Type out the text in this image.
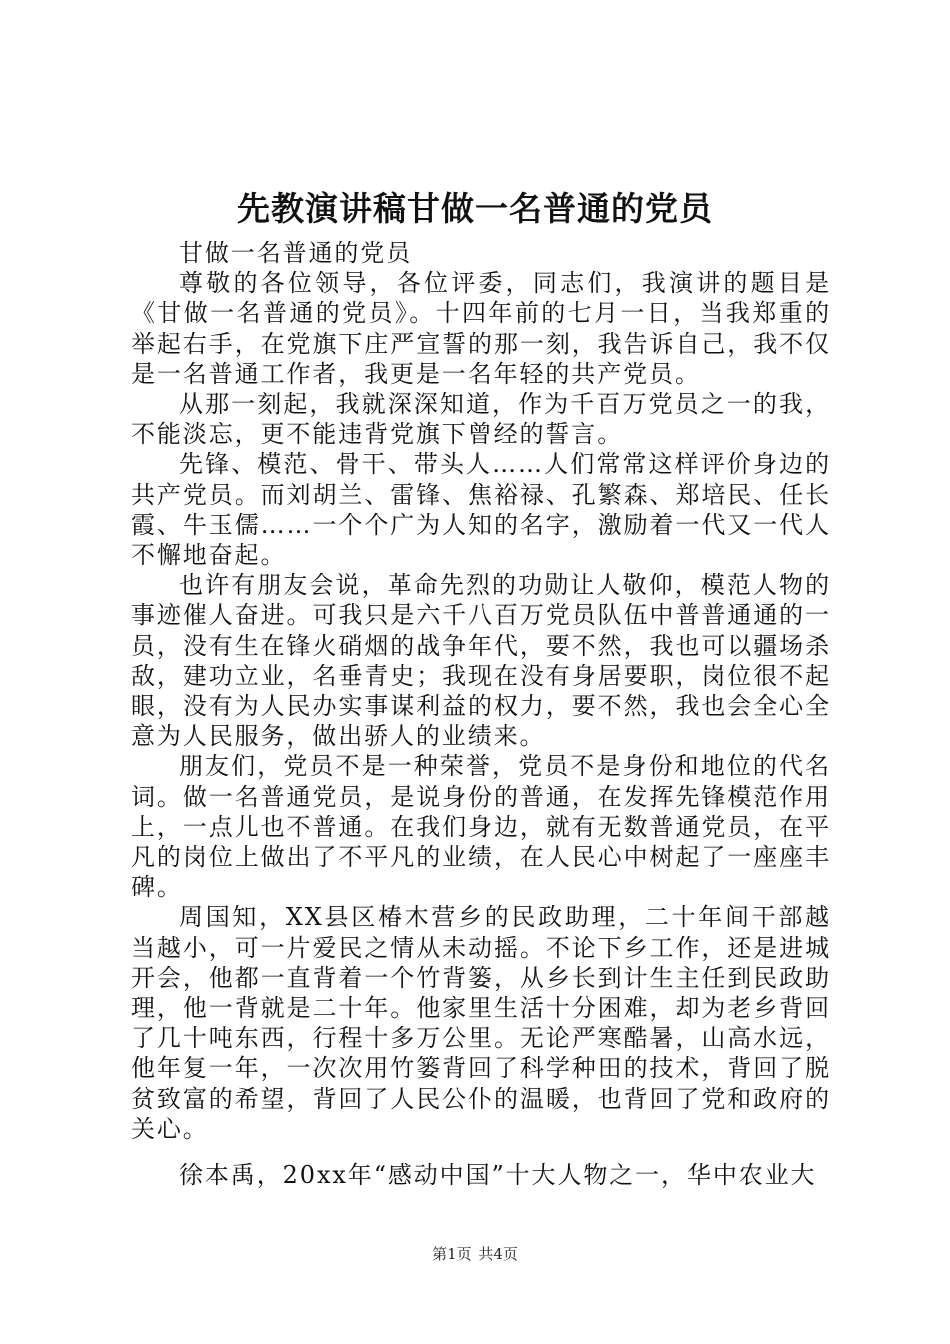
先教演讲稿甘做一名普通的党员

甘做一名普通的党员

尊敬的各位领导，各位评委，同志们，我演讲的题目是《甘做一名普通的党员》。十四年前的七月一日，当我郑重的举起右手，在党旗下庄严宣誓的那一刻，我告诉自己，我不仅是一名普通工作者，我更是一名年轻的共产党员。

从那一刻起，我就深深知道，作为千百万党员之一的我，不能淡忘，更不能违背党旗下曾经的誓言。

先锋、模范、骨干、带头人……人们常常这样评价身边的共产党员。而刘胡兰、雷锋、焦裕禄、孔繁森、郑培民、任长霞、牛玉儒……一个个广为人知的名字，激励着一代又一代人不懈地奋起。

也许有朋友会说，革命先烈的功勋让人敬仰，模范人物的事迹催人奋进。可我只是六千八百万党员队伍中普普通通的一员，没有生在锋火硝烟的战争年代，要不然，我也可以疆场杀敌，建功立业，名垂青史；我现在没有身居要职，岗位很不起眼，没有为人民办实事谋利益的权力，要不然，我也会全心全意为人民服务，做出骄人的业绩来。

朋友们，党员不是一种荣誉，党员不是身份和地位的代名词。做一名普通党员，是说身份的普通，在发挥先锋模范作用上，一点儿也不普通。在我们身边，就有无数普通党员，在平凡的岗位上做出了不平凡的业绩，在人民心中树起了一座座丰碑。

周国知，XX县区椿木营乡的民政助理，二十年间干部越当越小，可一片爱民之情从未动摇。不论下乡工作，还是进城开会，他都一直背着一个竹背篓，从乡长到计生主任到民政助理，他一背就是二十年。他家里生活十分困难，却为老乡背回了几十吨东西，行程十多万公里。无论严寒酷暑，山高水远，他年复一年，一次次用竹篓背回了科学种田的技术，背回了脱贫致富的希望，背回了人民公仆的温暖，也背回了党和政府的关心。

徐本禹，20xx年“感动中国”十大人物之一，华中农业大

第1页 共4页
